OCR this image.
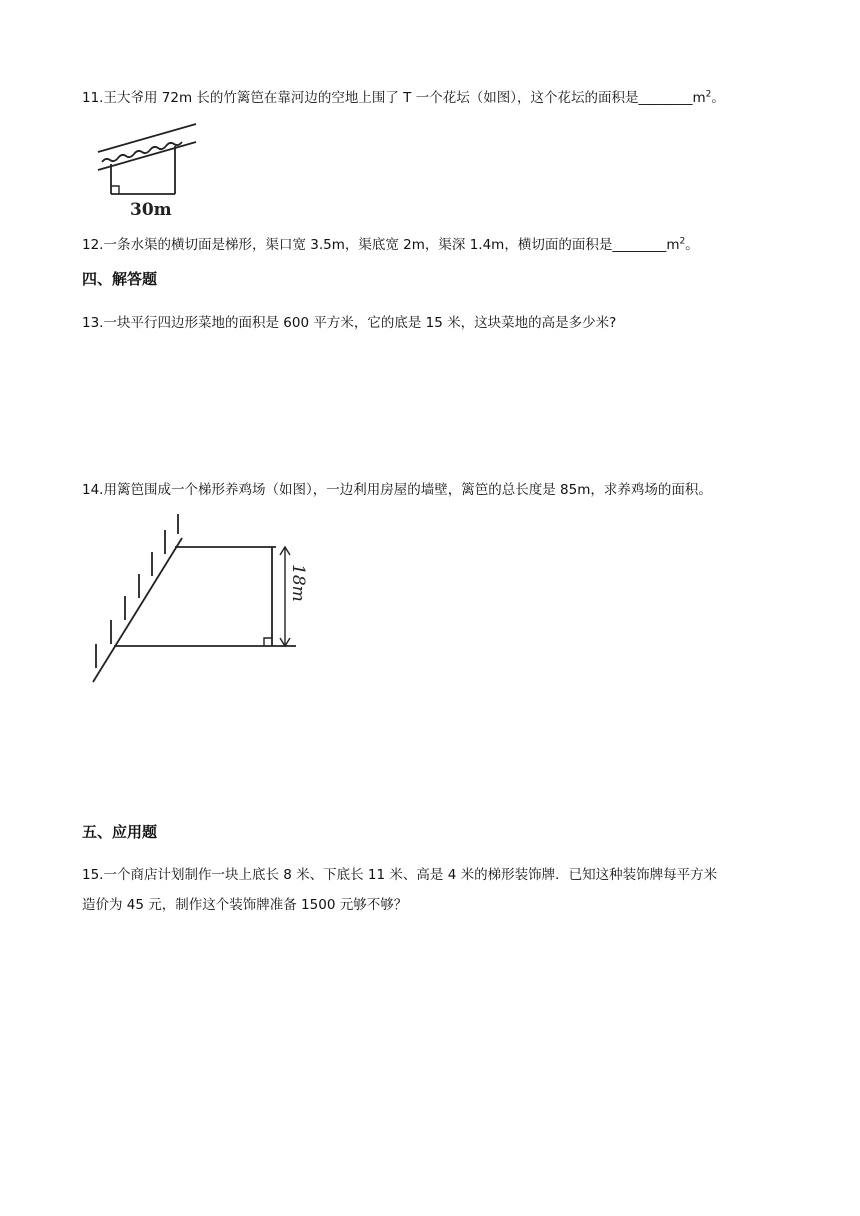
11.王大爷用 72m 长的竹篱笆在靠河边的空地上围了 T 一个花坛（如图），这个花坛的面积是$\_\_\_\_\_\_\_\_m^2$。
30m
12.一条水渠的横切面是梯形，渠口宽 3.5m，渠底宽 2m，渠深 1.4m，横切面的面积是$\_\_\_\_\_\_\_\_m^2$。
四、解答题
13.一块平行四边形菜地的面积是 600 平方米，它的底是 15 米，这块菜地的高是多少米?
14.用篱笆围成一个梯形养鸡场（如图），一边利用房屋的墙壁，篱笆的总长度是 85m，求养鸡场的面积。
18m
五、应用题
15.一个商店计划制作一块上底长 8 米、下底长 11 米、高是 4 米的梯形装饰牌．已知这种装饰牌每平方米
造价为 45 元，制作这个装饰牌准备 1500 元够不够？
